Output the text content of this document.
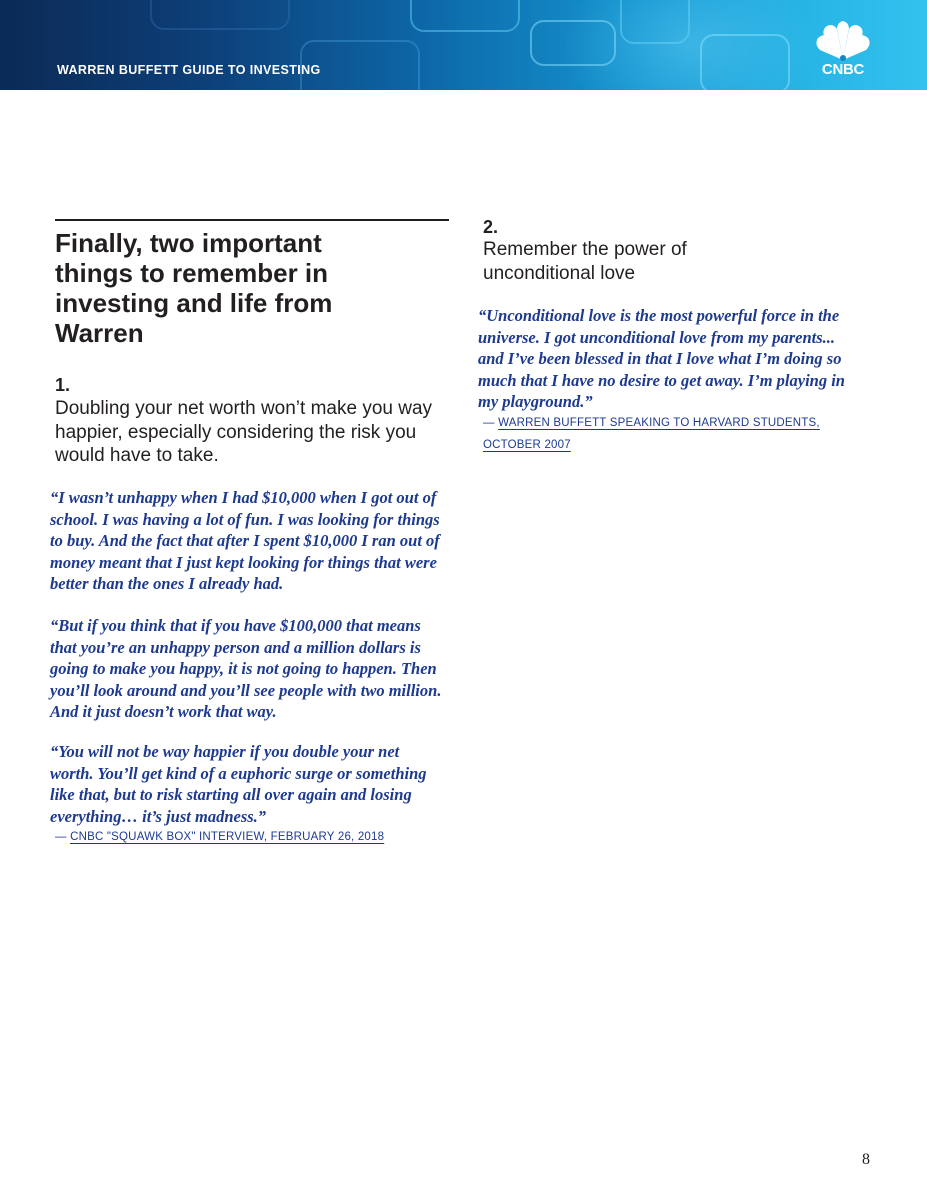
WARREN BUFFETT GUIDE TO INVESTING	CNBC
Finally, two important things to remember in investing and life from Warren
1.
Doubling your net worth won’t make you way happier, especially considering the risk you would have to take.
“I wasn’t unhappy when I had $10,000 when I got out of school. I was having a lot of fun. I was looking for things to buy. And the fact that after I spent $10,000 I ran out of money meant that I just kept looking for things that were better than the ones I already had.
“But if you think that if you have $100,000 that means that you’re an unhappy person and a million dollars is going to make you happy, it is not going to happen. Then you’ll look around and you’ll see people with two million. And it just doesn’t work that way.
“You will not be way happier if you double your net worth. You’ll get kind of a euphoric surge or something like that, but to risk starting all over again and losing everything… it’s just madness.”
— CNBC "SQUAWK BOX" INTERVIEW, FEBRUARY 26, 2018
2.
Remember the power of unconditional love
“Unconditional love is the most powerful force in the universe. I got unconditional love from my parents... and I’ve been blessed in that I love what I’m doing so much that I have no desire to get away. I’m playing in my playground.”
— WARREN BUFFETT SPEAKING TO HARVARD STUDENTS, OCTOBER 2007
8
